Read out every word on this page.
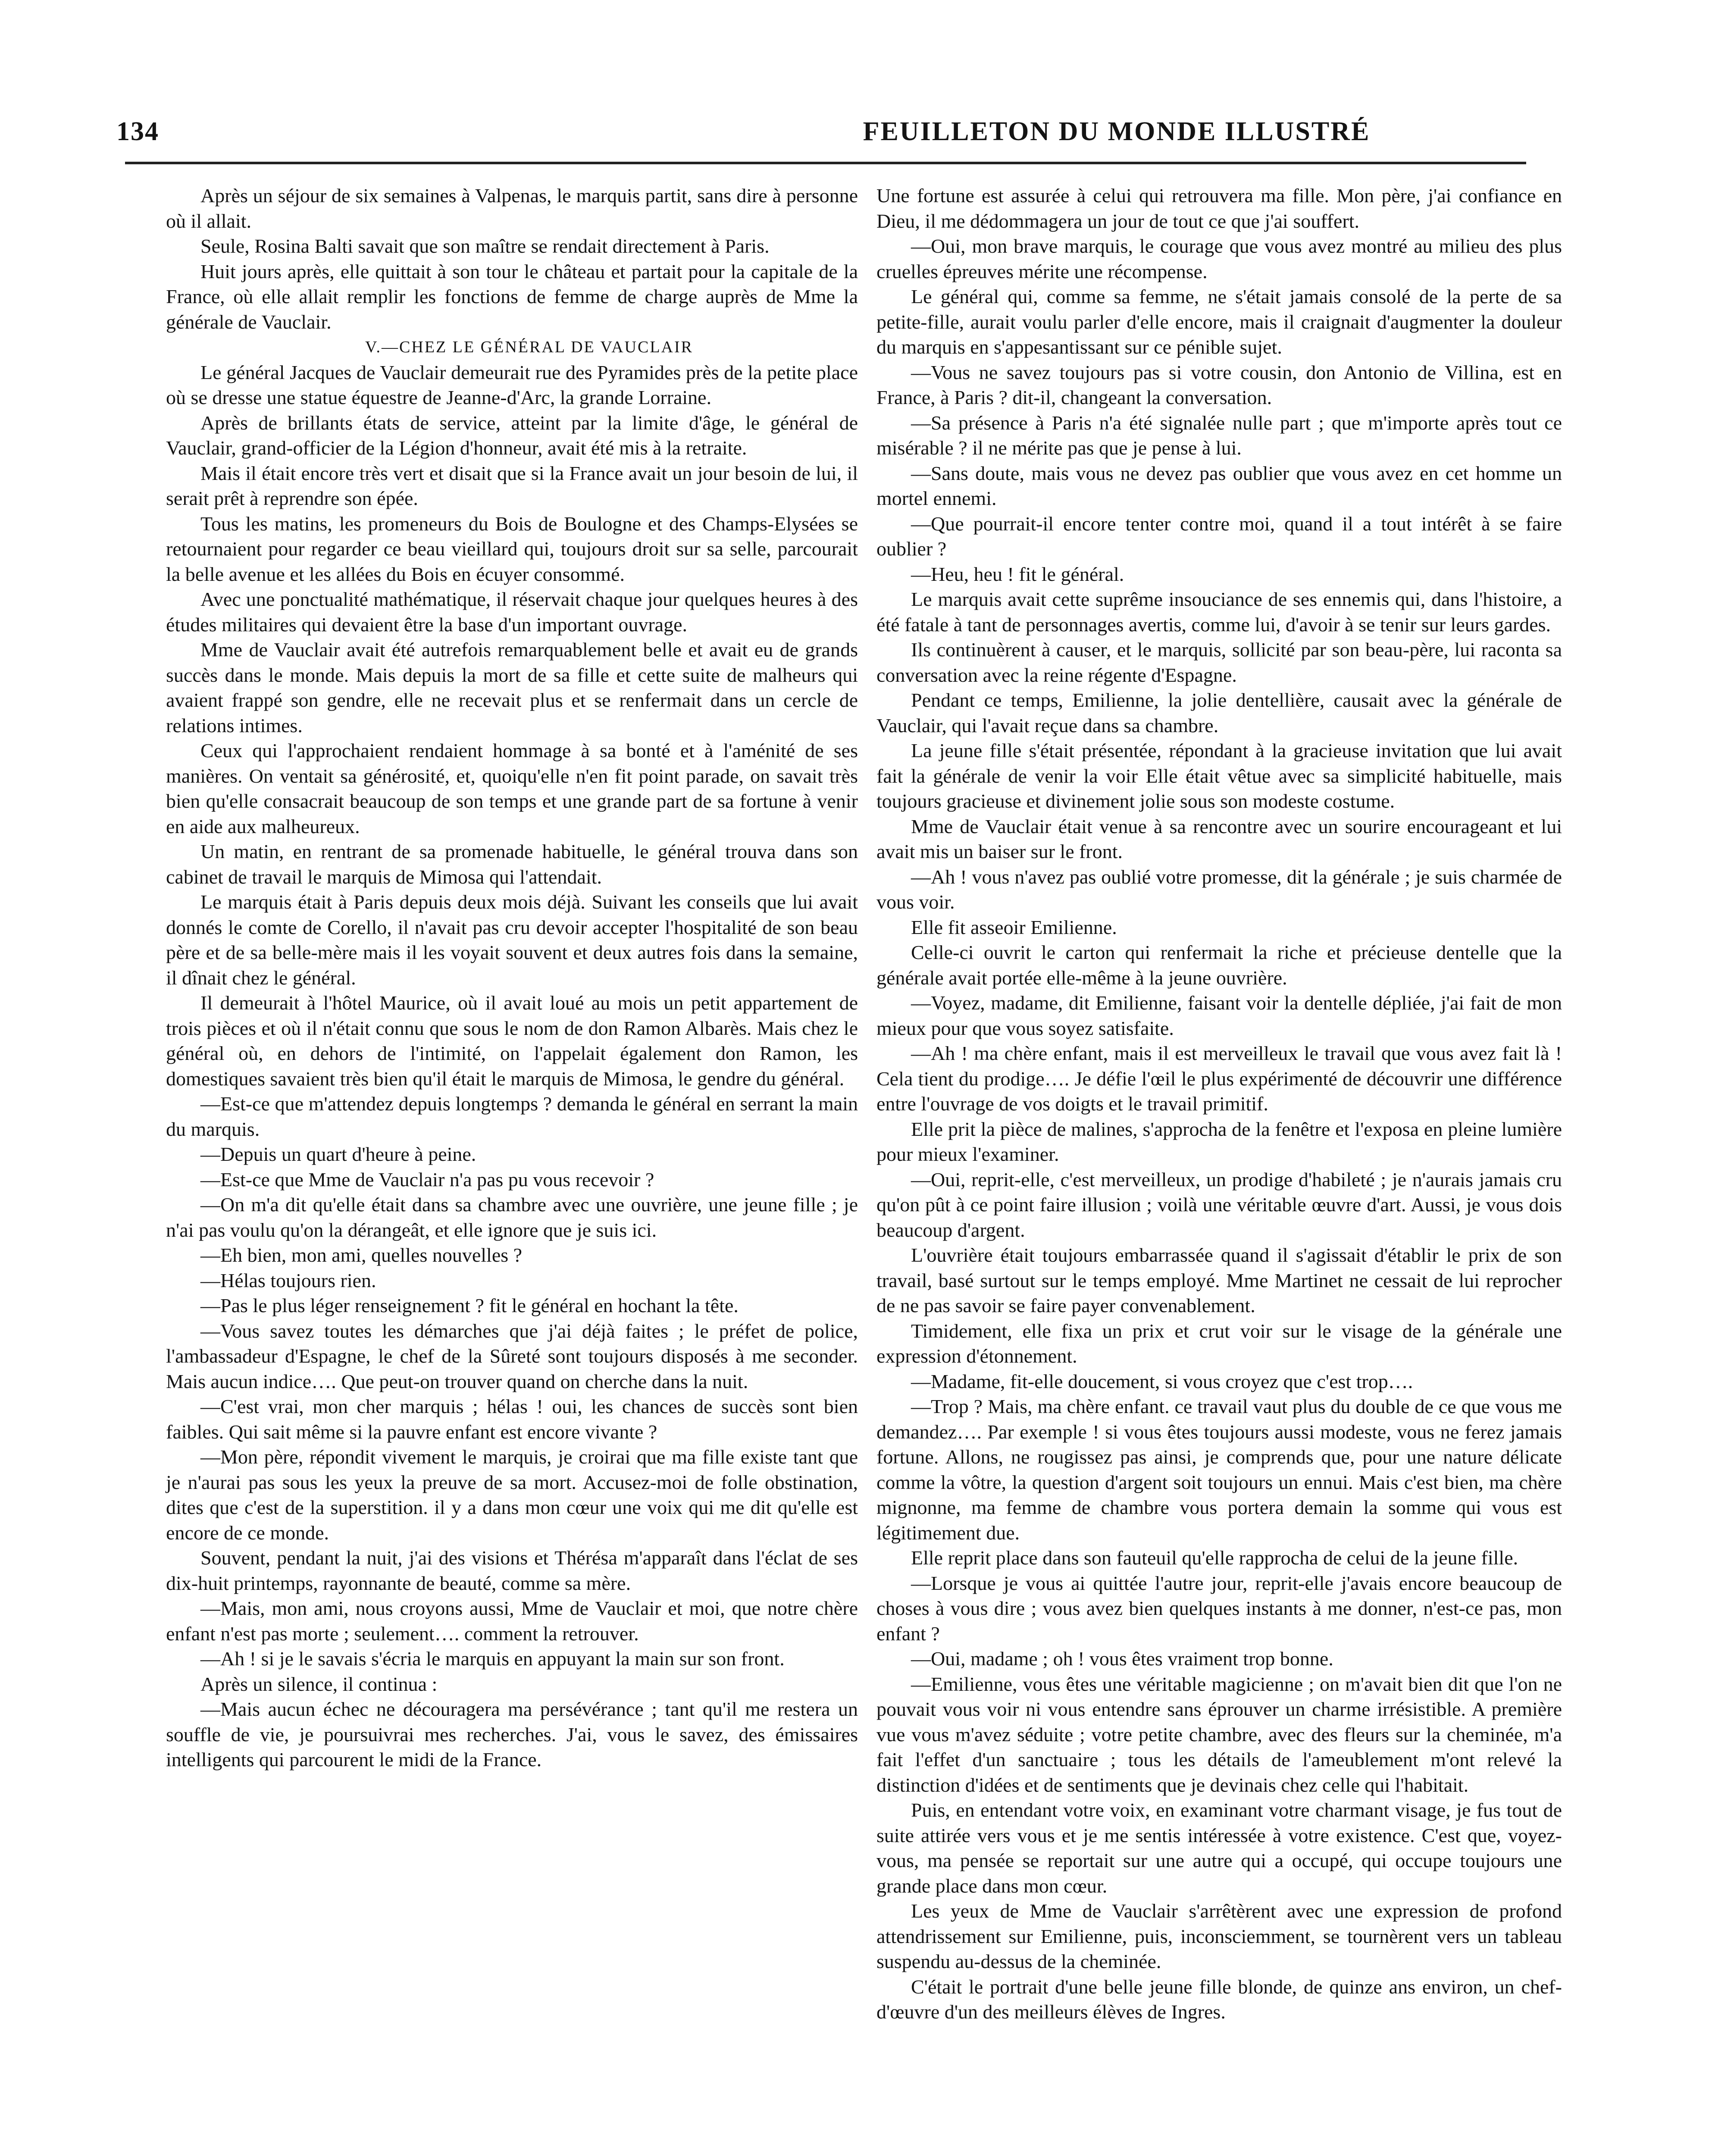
134	FEUILLETON DU MONDE ILLUSTRÉ

Après un séjour de six semaines à Valpenas, le marquis partit, sans dire à personne où il allait.

Seule, Rosina Balti savait que son maître se rendait directement à Paris.

Huit jours après, elle quittait à son tour le château et partait pour la capitale de la France, où elle allait remplir les fonctions de femme de charge auprès de Mme la générale de Vauclair.

V.—CHEZ LE GÉNÉRAL DE VAUCLAIR

Le général Jacques de Vauclair demeurait rue des Pyramides près de la petite place où se dresse une statue équestre de Jeanne-d'Arc, la grande Lorraine.

Après de brillants états de service, atteint par la limite d'âge, le général de Vauclair, grand-officier de la Légion d'honneur, avait été mis à la retraite.

Mais il était encore très vert et disait que si la France avait un jour besoin de lui, il serait prêt à reprendre son épée.

Tous les matins, les promeneurs du Bois de Boulogne et des Champs-Elysées se retournaient pour regarder ce beau vieillard qui, toujours droit sur sa selle, parcourait la belle avenue et les allées du Bois en écuyer consommé.

Avec une ponctualité mathématique, il réservait chaque jour quelques heures à des études militaires qui devaient être la base d'un important ouvrage.

Mme de Vauclair avait été autrefois remarquablement belle et avait eu de grands succès dans le monde. Mais depuis la mort de sa fille et cette suite de malheurs qui avaient frappé son gendre, elle ne recevait plus et se renfermait dans un cercle de relations intimes.

Ceux qui l'approchaient rendaient hommage à sa bonté et à l'aménité de ses manières. On ventait sa générosité, et, quoiqu'elle n'en fit point parade, on savait très bien qu'elle consacrait beaucoup de son temps et une grande part de sa fortune à venir en aide aux malheureux.

Un matin, en rentrant de sa promenade habituelle, le général trouva dans son cabinet de travail le marquis de Mimosa qui l'attendait.

Le marquis était à Paris depuis deux mois déjà. Suivant les conseils que lui avait donnés le comte de Corello, il n'avait pas cru devoir accepter l'hospitalité de son beau père et de sa belle-mère mais il les voyait souvent et deux autres fois dans la semaine, il dînait chez le général.

Il demeurait à l'hôtel Maurice, où il avait loué au mois un petit appartement de trois pièces et où il n'était connu que sous le nom de don Ramon Albarès. Mais chez le général où, en dehors de l'intimité, on l'appelait également don Ramon, les domestiques savaient très bien qu'il était le marquis de Mimosa, le gendre du général.

—Est-ce que m'attendez depuis longtemps ? demanda le général en serrant la main du marquis.

—Depuis un quart d'heure à peine.

—Est-ce que Mme de Vauclair n'a pas pu vous recevoir ?

—On m'a dit qu'elle était dans sa chambre avec une ouvrière, une jeune fille ; je n'ai pas voulu qu'on la dérangeât, et elle ignore que je suis ici.

—Eh bien, mon ami, quelles nouvelles ?

—Hélas toujours rien.

—Pas le plus léger renseignement ? fit le général en hochant la tête.

—Vous savez toutes les démarches que j'ai déjà faites ; le préfet de police, l'ambassadeur d'Espagne, le chef de la Sûreté sont toujours disposés à me seconder. Mais aucun indice…. Que peut-on trouver quand on cherche dans la nuit.

—C'est vrai, mon cher marquis ; hélas ! oui, les chances de succès sont bien faibles. Qui sait même si la pauvre enfant est encore vivante ?

—Mon père, répondit vivement le marquis, je croirai que ma fille existe tant que je n'aurai pas sous les yeux la preuve de sa mort. Accusez-moi de folle obstination, dites que c'est de la superstition. il y a dans mon cœur une voix qui me dit qu'elle est encore de ce monde.

Souvent, pendant la nuit, j'ai des visions et Thérésa m'apparaît dans l'éclat de ses dix-huit printemps, rayonnante de beauté, comme sa mère.

—Mais, mon ami, nous croyons aussi, Mme de Vauclair et moi, que notre chère enfant n'est pas morte ; seulement…. comment la retrouver.

—Ah ! si je le savais s'écria le marquis en appuyant la main sur son front.

Après un silence, il continua :

—Mais aucun échec ne découragera ma persévérance ; tant qu'il me restera un souffle de vie, je poursuivrai mes recherches. J'ai, vous le savez, des émissaires intelligents qui parcourent le midi de la France.

Une fortune est assurée à celui qui retrouvera ma fille. Mon père, j'ai confiance en Dieu, il me dédommagera un jour de tout ce que j'ai souffert.

—Oui, mon brave marquis, le courage que vous avez montré au milieu des plus cruelles épreuves mérite une récompense.

Le général qui, comme sa femme, ne s'était jamais consolé de la perte de sa petite-fille, aurait voulu parler d'elle encore, mais il craignait d'augmenter la douleur du marquis en s'appesantissant sur ce pénible sujet.

—Vous ne savez toujours pas si votre cousin, don Antonio de Villina, est en France, à Paris ? dit-il, changeant la conversation.

—Sa présence à Paris n'a été signalée nulle part ; que m'importe après tout ce misérable ? il ne mérite pas que je pense à lui.

—Sans doute, mais vous ne devez pas oublier que vous avez en cet homme un mortel ennemi.

—Que pourrait-il encore tenter contre moi, quand il a tout intérêt à se faire oublier ?

—Heu, heu ! fit le général.

Le marquis avait cette suprême insouciance de ses ennemis qui, dans l'histoire, a été fatale à tant de personnages avertis, comme lui, d'avoir à se tenir sur leurs gardes.

Ils continuèrent à causer, et le marquis, sollicité par son beau-père, lui raconta sa conversation avec la reine régente d'Espagne.

Pendant ce temps, Emilienne, la jolie dentellière, causait avec la générale de Vauclair, qui l'avait reçue dans sa chambre.

La jeune fille s'était présentée, répondant à la gracieuse invitation que lui avait fait la générale de venir la voir Elle était vêtue avec sa simplicité habituelle, mais toujours gracieuse et divinement jolie sous son modeste costume.

Mme de Vauclair était venue à sa rencontre avec un sourire encourageant et lui avait mis un baiser sur le front.

—Ah ! vous n'avez pas oublié votre promesse, dit la générale ; je suis charmée de vous voir.

Elle fit asseoir Emilienne.

Celle-ci ouvrit le carton qui renfermait la riche et précieuse dentelle que la générale avait portée elle-même à la jeune ouvrière.

—Voyez, madame, dit Emilienne, faisant voir la dentelle dépliée, j'ai fait de mon mieux pour que vous soyez satisfaite.

—Ah ! ma chère enfant, mais il est merveilleux le travail que vous avez fait là ! Cela tient du prodige…. Je défie l'œil le plus expérimenté de découvrir une différence entre l'ouvrage de vos doigts et le travail primitif.

Elle prit la pièce de malines, s'approcha de la fenêtre et l'exposa en pleine lumière pour mieux l'examiner.

—Oui, reprit-elle, c'est merveilleux, un prodige d'habileté ; je n'aurais jamais cru qu'on pût à ce point faire illusion ; voilà une véritable œuvre d'art. Aussi, je vous dois beaucoup d'argent.

L'ouvrière était toujours embarrassée quand il s'agissait d'établir le prix de son travail, basé surtout sur le temps employé. Mme Martinet ne cessait de lui reprocher de ne pas savoir se faire payer convenablement.

Timidement, elle fixa un prix et crut voir sur le visage de la générale une expression d'étonnement.

—Madame, fit-elle doucement, si vous croyez que c'est trop….

—Trop ? Mais, ma chère enfant. ce travail vaut plus du double de ce que vous me demandez…. Par exemple ! si vous êtes toujours aussi modeste, vous ne ferez jamais fortune. Allons, ne rougissez pas ainsi, je comprends que, pour une nature délicate comme la vôtre, la question d'argent soit toujours un ennui. Mais c'est bien, ma chère mignonne, ma femme de chambre vous portera demain la somme qui vous est légitimement due.

Elle reprit place dans son fauteuil qu'elle rapprocha de celui de la jeune fille.

—Lorsque je vous ai quittée l'autre jour, reprit-elle j'avais encore beaucoup de choses à vous dire ; vous avez bien quelques instants à me donner, n'est-ce pas, mon enfant ?

—Oui, madame ; oh ! vous êtes vraiment trop bonne.

—Emilienne, vous êtes une véritable magicienne ; on m'avait bien dit que l'on ne pouvait vous voir ni vous entendre sans éprouver un charme irrésistible. A première vue vous m'avez séduite ; votre petite chambre, avec des fleurs sur la cheminée, m'a fait l'effet d'un sanctuaire ; tous les détails de l'ameublement m'ont relevé la distinction d'idées et de sentiments que je devinais chez celle qui l'habitait.

Puis, en entendant votre voix, en examinant votre charmant visage, je fus tout de suite attirée vers vous et je me sentis intéressée à votre existence. C'est que, voyez-vous, ma pensée se reportait sur une autre qui a occupé, qui occupe toujours une grande place dans mon cœur.

Les yeux de Mme de Vauclair s'arrêtèrent avec une expression de profond attendrissement sur Emilienne, puis, inconsciemment, se tournèrent vers un tableau suspendu au-dessus de la cheminée.

C'était le portrait d'une belle jeune fille blonde, de quinze ans environ, un chef-d'œuvre d'un des meilleurs élèves de Ingres.
